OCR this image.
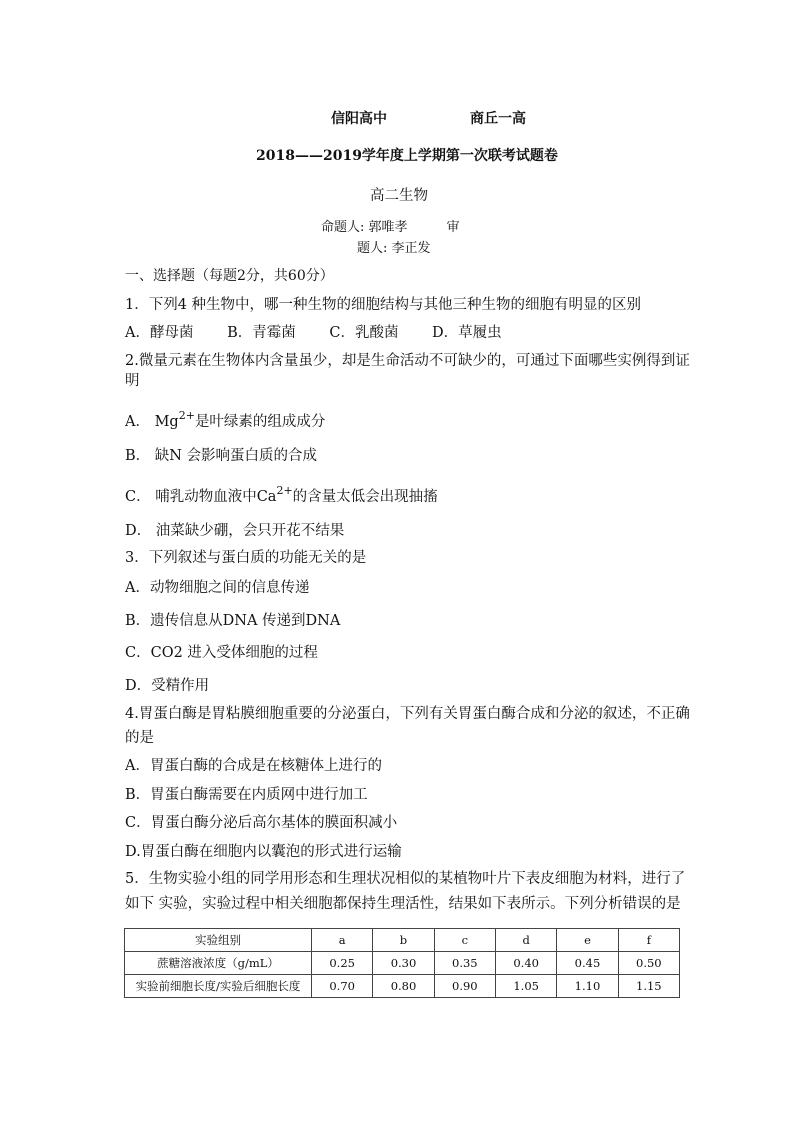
信阳高中	商丘一高
2018——2019学年度上学期第一次联考试题卷
高二生物
命题人: 郭唯孝　　　审
题人: 李正发
一、选择题（每题2分，共60分）
1．下列4 种生物中，哪一种生物的细胞结构与其他三种生物的细胞有明显的区别
A．酵母菌　　 B．青霉菌　　 C．乳酸菌　　 D．草履虫
2.微量元素在生物体内含量虽少，却是生命活动不可缺少的，可通过下面哪些实例得到证
明
A． $Mg^{2+}$是叶绿素的组成成分
B． 缺N 会影响蛋白质的合成
C． 哺乳动物血液中$Ca^{2+}$的含量太低会出现抽搐
D． 油菜缺少硼，会只开花不结果
3．下列叙述与蛋白质的功能无关的是
A．动物细胞之间的信息传递
B．遗传信息从DNA 传递到DNA
C．CO2 进入受体细胞的过程
D．受精作用
4.胃蛋白酶是胃粘膜细胞重要的分泌蛋白，下列有关胃蛋白酶合成和分泌的叙述，不正确
的是
A．胃蛋白酶的合成是在核糖体上进行的
B．胃蛋白酶需要在内质网中进行加工
C．胃蛋白酶分泌后高尔基体的膜面积减小
D.胃蛋白酶在细胞内以囊泡的形式进行运输
5．生物实验小组的同学用形态和生理状况相似的某植物叶片下表皮细胞为材料，进行了
如下 实验，实验过程中相关细胞都保持生理活性，结果如下表所示。下列分析错误的是
实验组别	a	b	c	d	e	f
蔗糖溶液浓度（g/mL）	0.25	0.30	0.35	0.40	0.45	0.50
实验前细胞长度/实验后细胞长度	0.70	0.80	0.90	1.05	1.10	1.15
